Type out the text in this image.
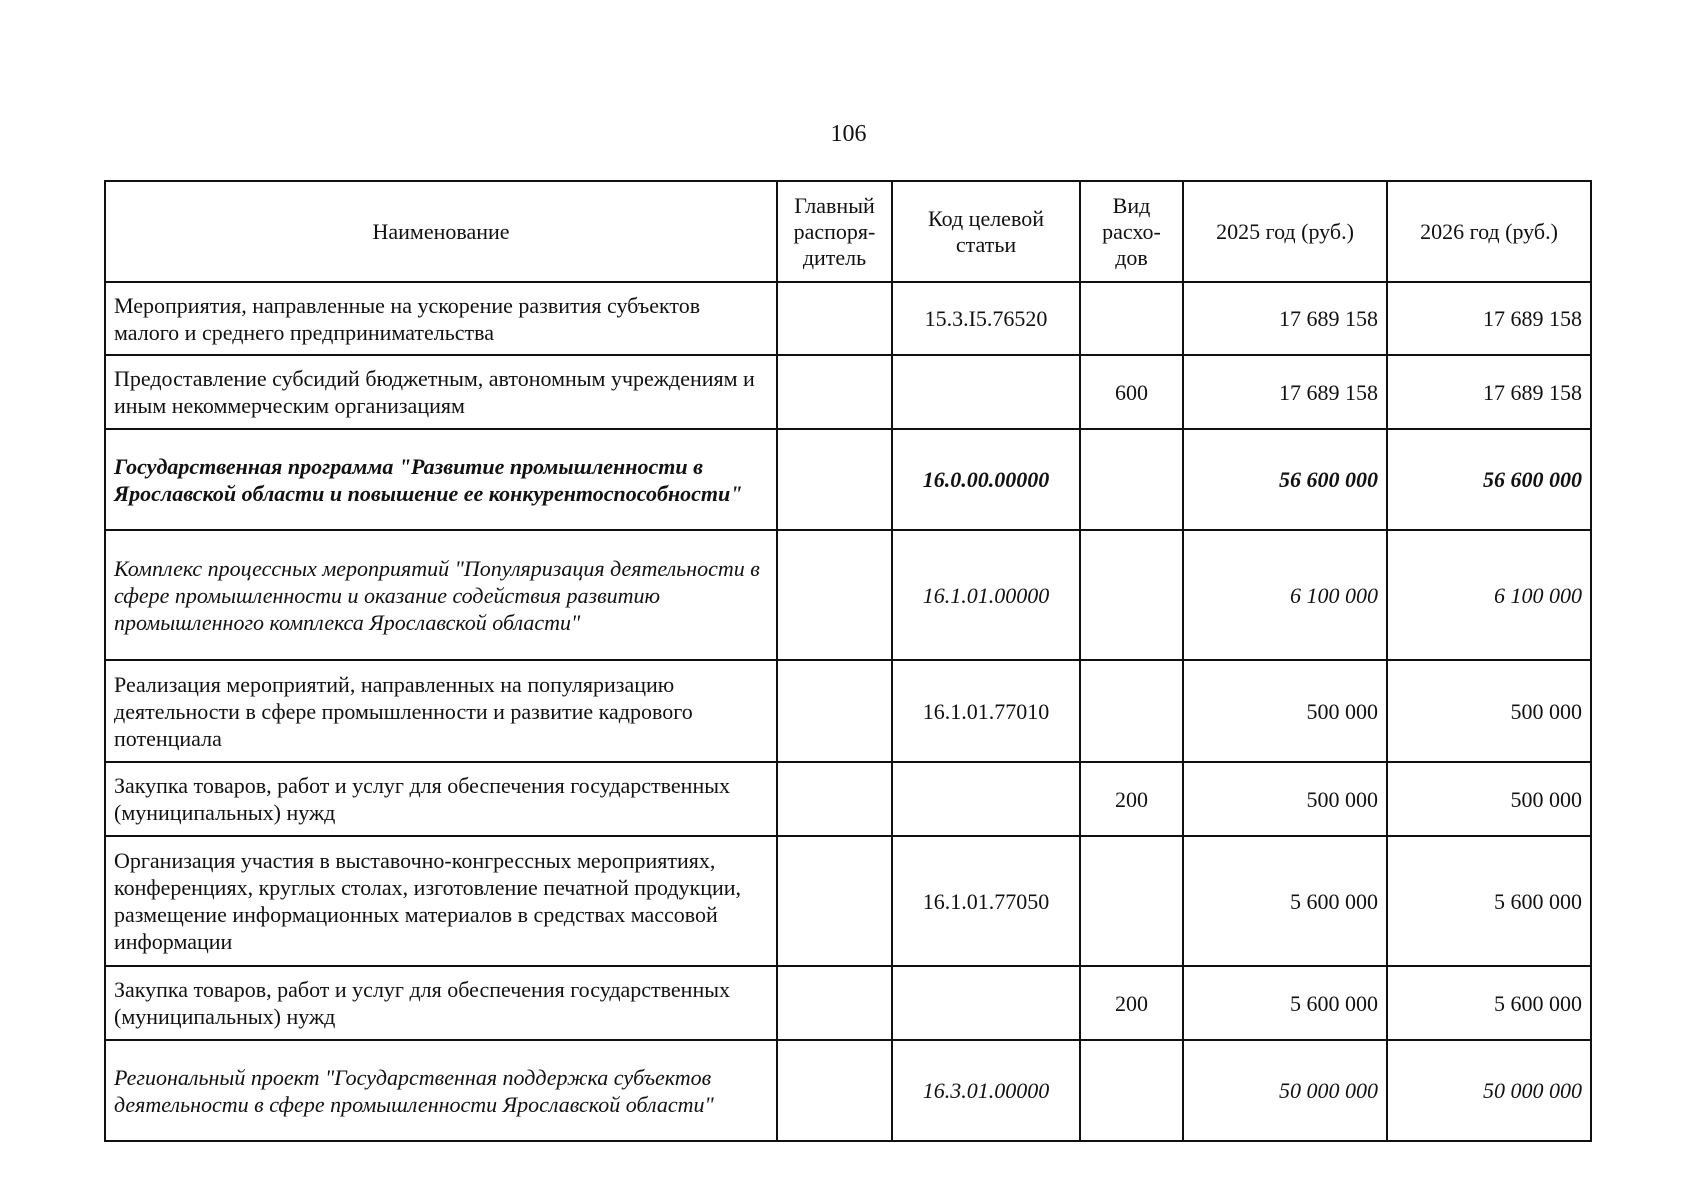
106
Наименование	Главный распоря-дитель	Код целевой статьи	Вид расхо-дов	2025 год (руб.)	2026 год (руб.)
Мероприятия, направленные на ускорение развития субъектов малого и среднего предпринимательства		15.3.I5.76520		17 689 158	17 689 158
Предоставление субсидий бюджетным, автономным учреждениям и иным некоммерческим организациям			600	17 689 158	17 689 158
Государственная программа "Развитие промышленности в Ярославской области и повышение ее конкурентоспособности"		16.0.00.00000		56 600 000	56 600 000
Комплекс процессных мероприятий "Популяризация деятельности в сфере промышленности и оказание содействия развитию промышленного комплекса Ярославской области"		16.1.01.00000		6 100 000	6 100 000
Реализация мероприятий, направленных на популяризацию деятельности в сфере промышленности и развитие кадрового потенциала		16.1.01.77010		500 000	500 000
Закупка товаров, работ и услуг для обеспечения государственных (муниципальных) нужд			200	500 000	500 000
Организация участия в выставочно-конгрессных мероприятиях, конференциях, круглых столах, изготовление печатной продукции, размещение информационных материалов в средствах массовой информации		16.1.01.77050		5 600 000	5 600 000
Закупка товаров, работ и услуг для обеспечения государственных (муниципальных) нужд			200	5 600 000	5 600 000
Региональный проект "Государственная поддержка субъектов деятельности в сфере промышленности Ярославской области"		16.3.01.00000		50 000 000	50 000 000
